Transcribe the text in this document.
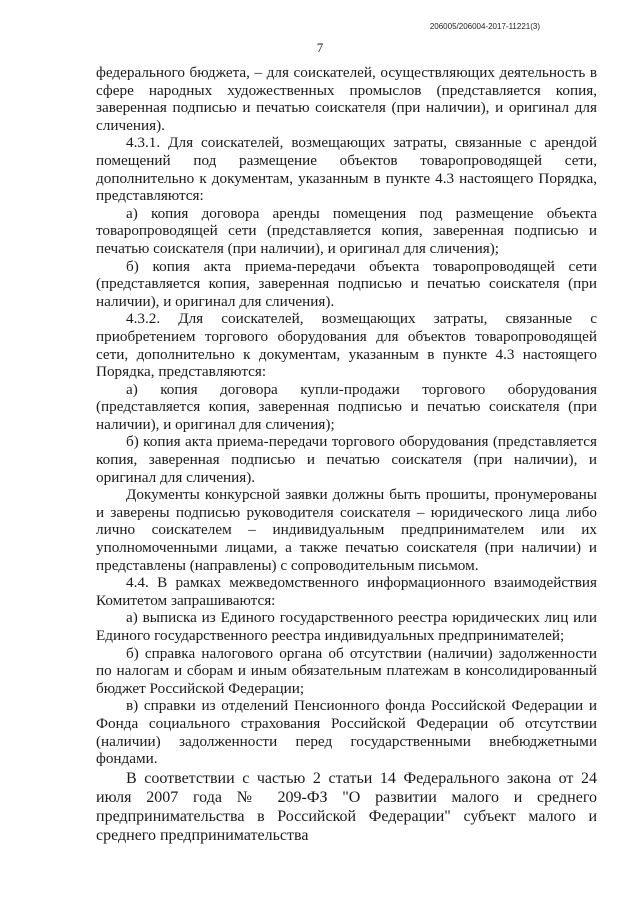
206005/206004-2017-11221(3)
7

федерального бюджета, – для соискателей, осуществляющих деятельность в сфере народных художественных промыслов (представляется копия, заверенная подписью и печатью соискателя (при наличии), и оригинал для сличения).

4.3.1. Для соискателей, возмещающих затраты, связанные с арендой помещений под размещение объектов товаропроводящей сети, дополнительно к документам, указанным в пункте 4.3 настоящего Порядка, представляются:

а) копия договора аренды помещения под размещение объекта товаропроводящей сети (представляется копия, заверенная подписью и печатью соискателя (при наличии), и оригинал для сличения);

б) копия акта приема-передачи объекта товаропроводящей сети (представляется копия, заверенная подписью и печатью соискателя (при наличии), и оригинал для сличения).

4.3.2. Для соискателей, возмещающих затраты, связанные с приобретением торгового оборудования для объектов товаропроводящей сети, дополнительно к документам, указанным в пункте 4.3 настоящего Порядка, представляются:

а) копия договора купли-продажи торгового оборудования (представляется копия, заверенная подписью и печатью соискателя (при наличии), и оригинал для сличения);

б) копия акта приема-передачи торгового оборудования (представляется копия, заверенная подписью и печатью соискателя (при наличии), и оригинал для сличения).

Документы конкурсной заявки должны быть прошиты, пронумерованы и заверены подписью руководителя соискателя – юридического лица либо лично соискателем – индивидуальным предпринимателем или их уполномоченными лицами, а также печатью соискателя (при наличии) и представлены (направлены) с сопроводительным письмом.

4.4. В рамках межведомственного информационного взаимодействия Комитетом запрашиваются:

а) выписка из Единого государственного реестра юридических лиц или Единого государственного реестра индивидуальных предпринимателей;

б) справка налогового органа об отсутствии (наличии) задолженности по налогам и сборам и иным обязательным платежам в консолидированный бюджет Российской Федерации;

в) справки из отделений Пенсионного фонда Российской Федерации и Фонда социального страхования Российской Федерации об отсутствии (наличии) задолженности перед государственными внебюджетными фондами.

В соответствии с частью 2 статьи 14 Федерального закона от 24 июля 2007 года № 209-ФЗ "О развитии малого и среднего предпринимательства в Российской Федерации" субъект малого и среднего предпринимательства
